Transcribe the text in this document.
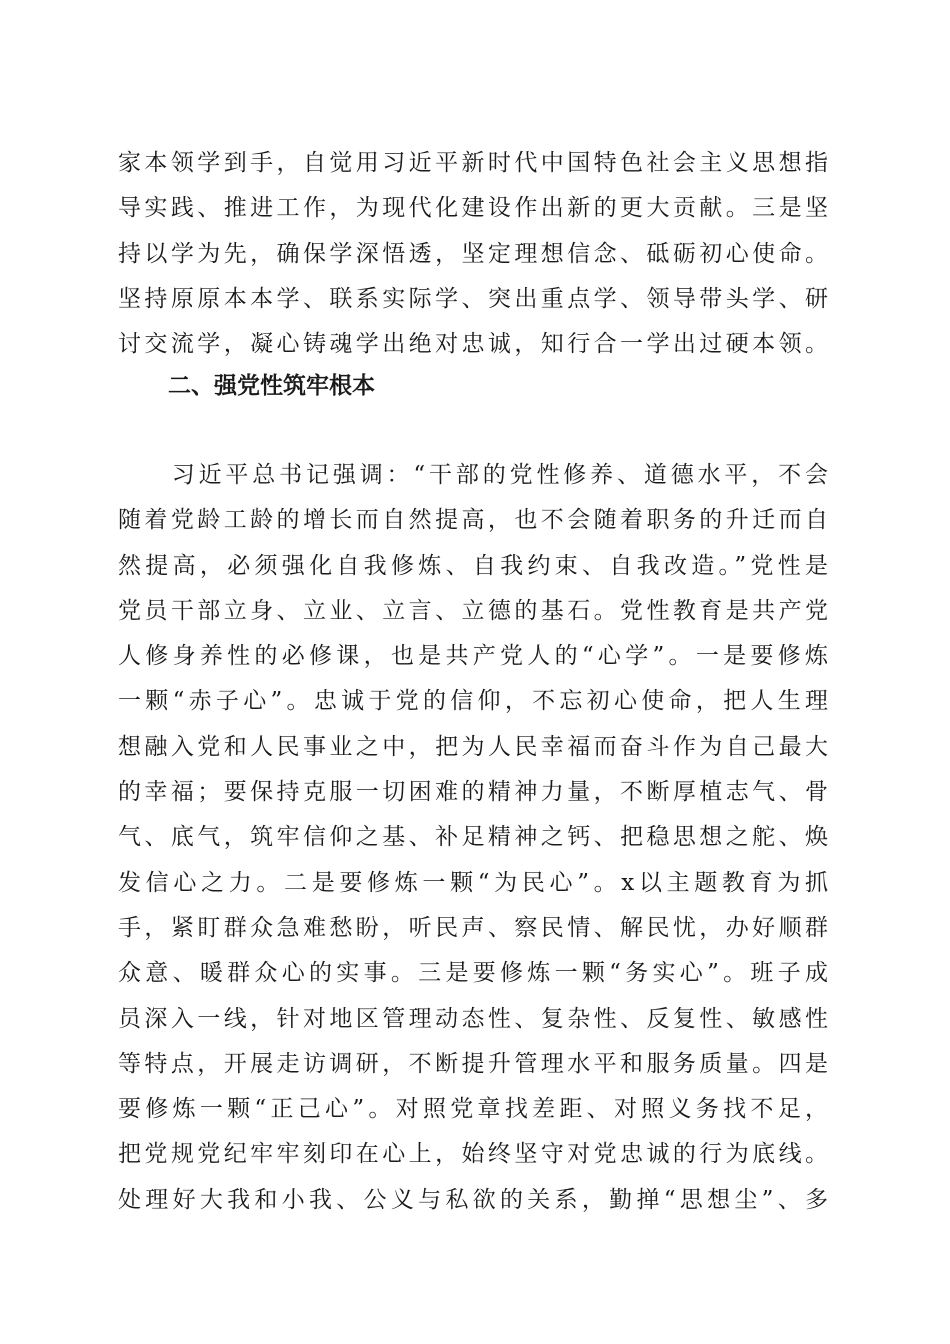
家本领学到手，自觉用习近平新时代中国特色社会主义思想指
导实践、推进工作，为现代化建设作出新的更大贡献。三是坚
持以学为先，确保学深悟透，坚定理想信念、砥砺初心使命。
坚持原原本本学、联系实际学、突出重点学、领导带头学、研
讨交流学，凝心铸魂学出绝对忠诚，知行合一学出过硬本领。
二、强党性筑牢根本
　　习近平总书记强调：“干部的党性修养、道德水平，不会
随着党龄工龄的增长而自然提高，也不会随着职务的升迁而自
然提高，必须强化自我修炼、自我约束、自我改造。”党性是
党员干部立身、立业、立言、立德的基石。党性教育是共产党
人修身养性的必修课，也是共产党人的“心学”。一是要修炼
一颗“赤子心”。忠诚于党的信仰，不忘初心使命，把人生理
想融入党和人民事业之中，把为人民幸福而奋斗作为自己最大
的幸福；要保持克服一切困难的精神力量，不断厚植志气、骨
气、底气，筑牢信仰之基、补足精神之钙、把稳思想之舵、焕
发信心之力。二是要修炼一颗“为民心”。x以主题教育为抓
手，紧盯群众急难愁盼，听民声、察民情、解民忧，办好顺群
众意、暖群众心的实事。三是要修炼一颗“务实心”。班子成
员深入一线，针对地区管理动态性、复杂性、反复性、敏感性
等特点，开展走访调研，不断提升管理水平和服务质量。四是
要修炼一颗“正己心”。对照党章找差距、对照义务找不足，
把党规党纪牢牢刻印在心上，始终坚守对党忠诚的行为底线。
处理好大我和小我、公义与私欲的关系，勤掸“思想尘”、多
